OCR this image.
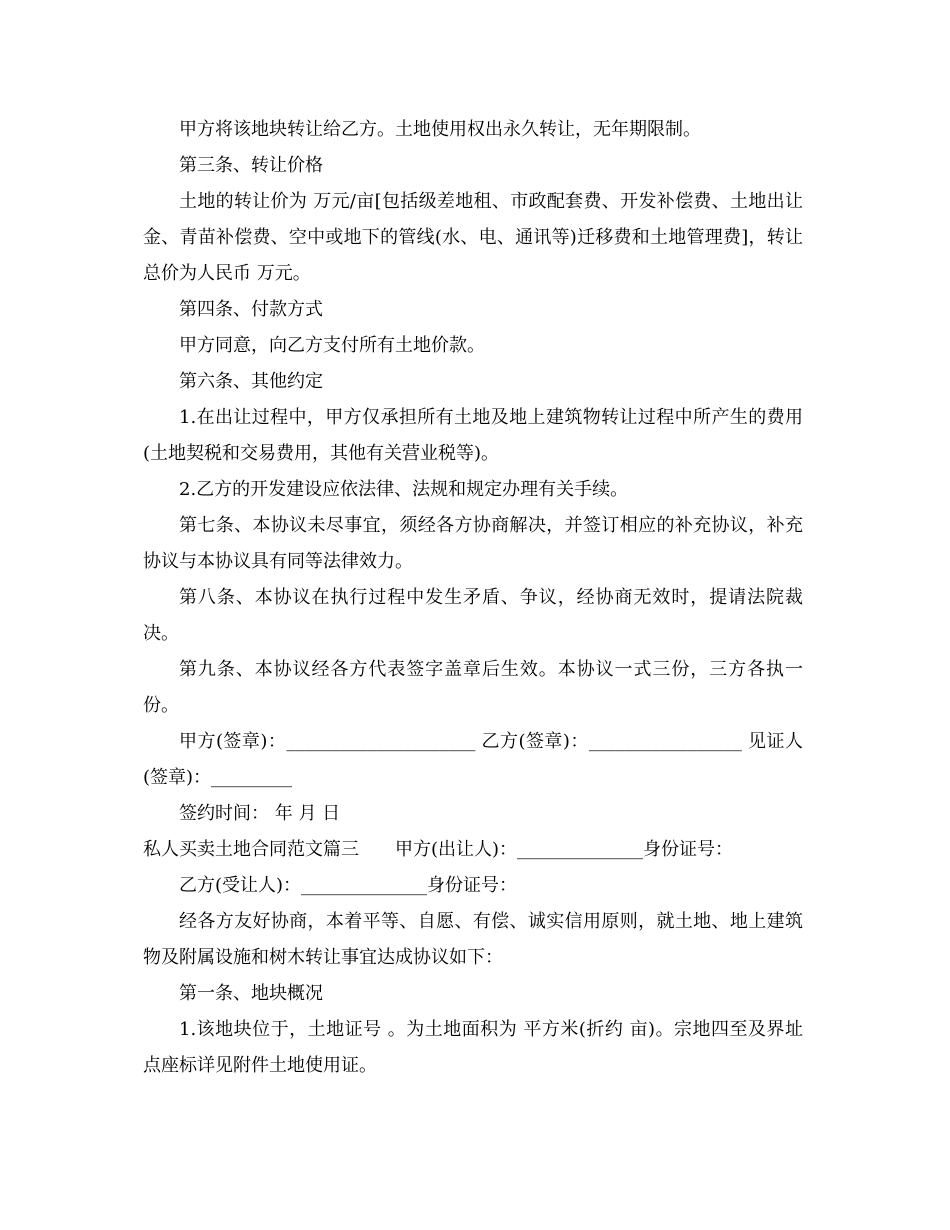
甲方将该地块转让给乙方。土地使用权出永久转让，无年期限制。

第三条、转让价格

土地的转让价为 万元/亩[包括级差地租、市政配套费、开发补偿费、土地出让金、青苗补偿费、空中或地下的管线(水、电、通讯等)迁移费和土地管理费]，转让总价为人民币 万元。

第四条、付款方式

甲方同意，向乙方支付所有土地价款。

第六条、其他约定

1.在出让过程中，甲方仅承担所有土地及地上建筑物转让过程中所产生的费用(土地契税和交易费用，其他有关营业税等)。

2.乙方的开发建设应依法律、法规和规定办理有关手续。

第七条、本协议未尽事宜，须经各方协商解决，并签订相应的补充协议，补充协议与本协议具有同等法律效力。

第八条、本协议在执行过程中发生矛盾、争议，经协商无效时，提请法院裁决。

第九条、本协议经各方代表签字盖章后生效。本协议一式三份，三方各执一份。

甲方(签章)：_____________________ 乙方(签章)：_________________ 见证人(签章)：_________

签约时间： 年 月 日

私人买卖土地合同范文篇三　　甲方(出让人)：______________身份证号：

乙方(受让人)：______________身份证号：

经各方友好协商，本着平等、自愿、有偿、诚实信用原则，就土地、地上建筑物及附属设施和树木转让事宜达成协议如下：

第一条、地块概况

1.该地块位于，土地证号 。为土地面积为 平方米(折约 亩)。宗地四至及界址点座标详见附件土地使用证。
